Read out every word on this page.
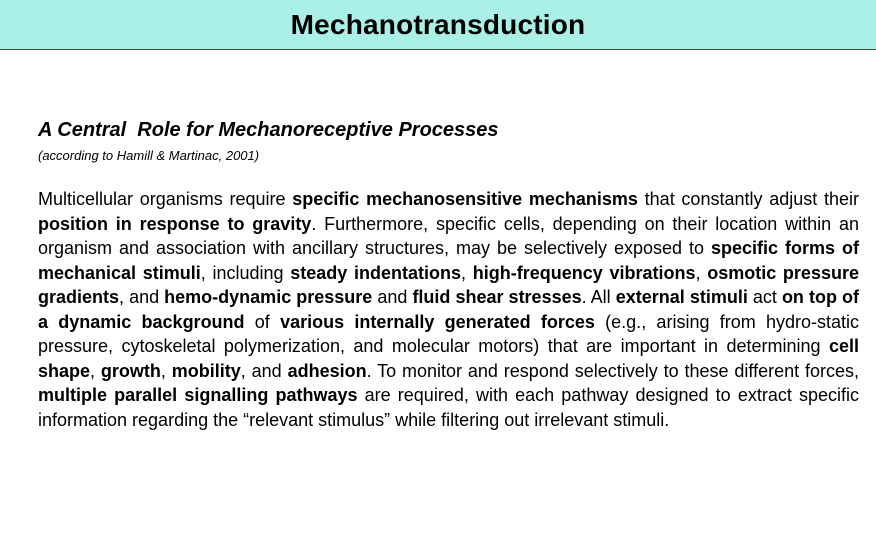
Mechanotransduction
A Central  Role for Mechanoreceptive Processes

(according to Hamill & Martinac, 2001)

Multicellular organisms require specific mechanosensitive mechanisms that constantly adjust their position in response to gravity. Furthermore, specific cells, depending on their location within an organism and association with ancillary structures, may be selectively exposed to specific forms of mechanical stimuli, including steady indentations, high-frequency vibrations, osmotic pressure gradients, and hemo-dynamic pressure and fluid shear stresses. All external stimuli act on top of a dynamic background of various internally generated forces (e.g., arising from hydro-static pressure, cytoskeletal polymerization, and molecular motors) that are important in determining cell shape, growth, mobility, and adhesion. To monitor and respond selectively to these different forces, multiple parallel signalling pathways are required, with each pathway designed to extract specific information regarding the “relevant stimulus” while filtering out irrelevant stimuli.
